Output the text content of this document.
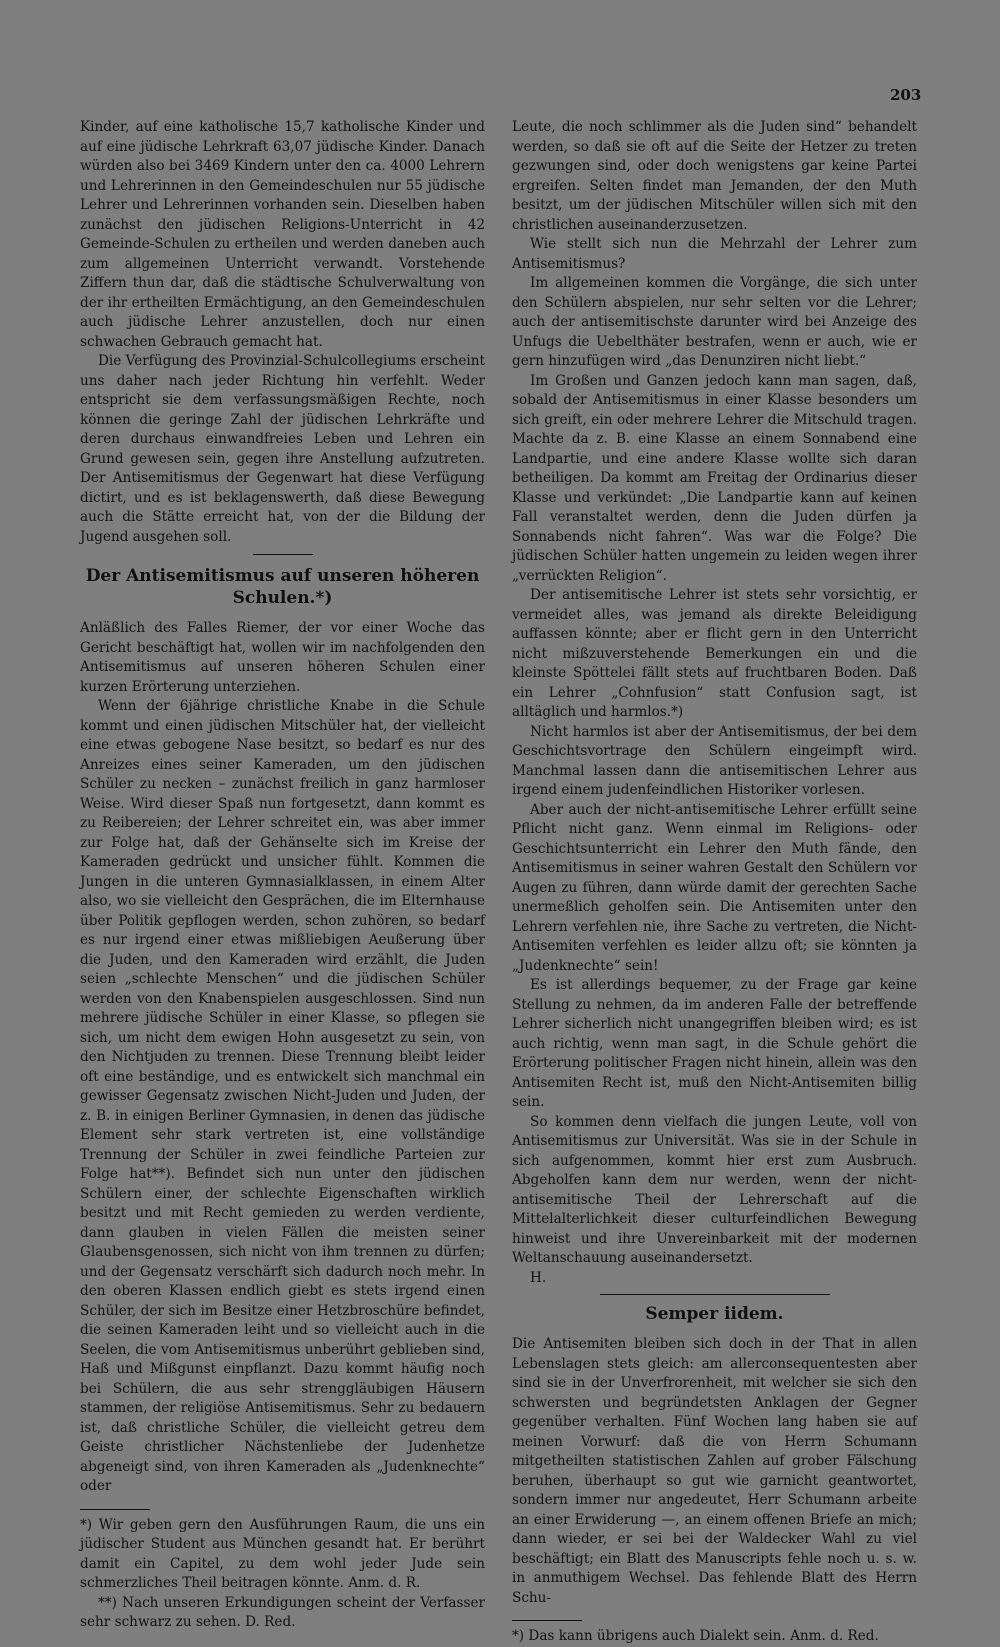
203

Kinder, auf eine katholische 15,7 katholische Kinder und auf eine jüdische Lehrkraft 63,07 jüdische Kinder. Danach würden also bei 3469 Kindern unter den ca. 4000 Lehrern und Lehrerinnen in den Gemeindeschulen nur 55 jüdische Lehrer und Lehrerinnen vorhanden sein. Dieselben haben zunächst den jüdischen Religions-Unterricht in 42 Gemeinde-Schulen zu ertheilen und werden daneben auch zum allgemeinen Unterricht verwandt. Vorstehende Ziffern thun dar, daß die städtische Schulverwaltung von der ihr ertheilten Ermächtigung, an den Gemeindeschulen auch jüdische Lehrer anzustellen, doch nur einen schwachen Gebrauch gemacht hat.

Die Verfügung des Provinzial-Schulcollegiums erscheint uns daher nach jeder Richtung hin verfehlt. Weder entspricht sie dem verfassungsmäßigen Rechte, noch können die geringe Zahl der jüdischen Lehrkräfte und deren durchaus einwandfreies Leben und Lehren ein Grund gewesen sein, gegen ihre Anstellung aufzutreten. Der Antisemitismus der Gegenwart hat diese Verfügung dictirt, und es ist beklagenswerth, daß diese Bewegung auch die Stätte erreicht hat, von der die Bildung der Jugend ausgehen soll.

Der Antisemitismus auf unseren höheren Schulen.*)

Anläßlich des Falles Riemer, der vor einer Woche das Gericht beschäftigt hat, wollen wir im nachfolgenden den Antisemitismus auf unseren höheren Schulen einer kurzen Erörterung unterziehen.

Wenn der 6jährige christliche Knabe in die Schule kommt und einen jüdischen Mitschüler hat, der vielleicht eine etwas gebogene Nase besitzt, so bedarf es nur des Anreizes eines seiner Kameraden, um den jüdischen Schüler zu necken – zunächst freilich in ganz harmloser Weise. Wird dieser Spaß nun fortgesetzt, dann kommt es zu Reibereien; der Lehrer schreitet ein, was aber immer zur Folge hat, daß der Gehänselte sich im Kreise der Kameraden gedrückt und unsicher fühlt. Kommen die Jungen in die unteren Gymnasialklassen, in einem Alter also, wo sie vielleicht den Gesprächen, die im Elternhause über Politik gepflogen werden, schon zuhören, so bedarf es nur irgend einer etwas mißliebigen Aeußerung über die Juden, und den Kameraden wird erzählt, die Juden seien „schlechte Menschen“ und die jüdischen Schüler werden von den Knabenspielen ausgeschlossen. Sind nun mehrere jüdische Schüler in einer Klasse, so pflegen sie sich, um nicht dem ewigen Hohn ausgesetzt zu sein, von den Nichtjuden zu trennen. Diese Trennung bleibt leider oft eine beständige, und es entwickelt sich manchmal ein gewisser Gegensatz zwischen Nicht-Juden und Juden, der z. B. in einigen Berliner Gymnasien, in denen das jüdische Element sehr stark vertreten ist, eine vollständige Trennung der Schüler in zwei feindliche Parteien zur Folge hat**). Befindet sich nun unter den jüdischen Schülern einer, der schlechte Eigenschaften wirklich besitzt und mit Recht gemieden zu werden verdiente, dann glauben in vielen Fällen die meisten seiner Glaubensgenossen, sich nicht von ihm trennen zu dürfen; und der Gegensatz verschärft sich dadurch noch mehr. In den oberen Klassen endlich giebt es stets irgend einen Schüler, der sich im Besitze einer Hetzbroschüre befindet, die seinen Kameraden leiht und so vielleicht auch in die Seelen, die vom Antisemitismus unberührt geblieben sind, Haß und Mißgunst einpflanzt. Dazu kommt häufig noch bei Schülern, die aus sehr strenggläubigen Häusern stammen, der religiöse Antisemitismus. Sehr zu bedauern ist, daß christliche Schüler, die vielleicht getreu dem Geiste christlicher Nächstenliebe der Judenhetze abgeneigt sind, von ihren Kameraden als „Judenknechte“ oder

*) Wir geben gern den Ausführungen Raum, die uns ein jüdischer Student aus München gesandt hat. Er berührt damit ein Capitel, zu dem wohl jeder Jude sein schmerzliches Theil beitragen könnte. Anm. d. R.

**) Nach unseren Erkundigungen scheint der Verfasser sehr schwarz zu sehen. D. Red.

Leute, die noch schlimmer als die Juden sind“ behandelt werden, so daß sie oft auf die Seite der Hetzer zu treten gezwungen sind, oder doch wenigstens gar keine Partei ergreifen. Selten findet man Jemanden, der den Muth besitzt, um der jüdischen Mitschüler willen sich mit den christlichen auseinanderzusetzen.

Wie stellt sich nun die Mehrzahl der Lehrer zum Antisemitismus?

Im allgemeinen kommen die Vorgänge, die sich unter den Schülern abspielen, nur sehr selten vor die Lehrer; auch der antisemitischste darunter wird bei Anzeige des Unfugs die Uebelthäter bestrafen, wenn er auch, wie er gern hinzufügen wird „das Denunziren nicht liebt.“

Im Großen und Ganzen jedoch kann man sagen, daß, sobald der Antisemitismus in einer Klasse besonders um sich greift, ein oder mehrere Lehrer die Mitschuld tragen. Machte da z. B. eine Klasse an einem Sonnabend eine Landpartie, und eine andere Klasse wollte sich daran betheiligen. Da kommt am Freitag der Ordinarius dieser Klasse und verkündet: „Die Landpartie kann auf keinen Fall veranstaltet werden, denn die Juden dürfen ja Sonnabends nicht fahren“. Was war die Folge? Die jüdischen Schüler hatten ungemein zu leiden wegen ihrer „verrückten Religion“.

Der antisemitische Lehrer ist stets sehr vorsichtig, er vermeidet alles, was jemand als direkte Beleidigung auffassen könnte; aber er flicht gern in den Unterricht nicht mißzuverstehende Bemerkungen ein und die kleinste Spöttelei fällt stets auf fruchtbaren Boden. Daß ein Lehrer „Cohnfusion“ statt Confusion sagt, ist alltäglich und harmlos.*)

Nicht harmlos ist aber der Antisemitismus, der bei dem Geschichtsvortrage den Schülern eingeimpft wird. Manchmal lassen dann die antisemitischen Lehrer aus irgend einem judenfeindlichen Historiker vorlesen.

Aber auch der nicht-antisemitische Lehrer erfüllt seine Pflicht nicht ganz. Wenn einmal im Religions- oder Geschichtsunterricht ein Lehrer den Muth fände, den Antisemitismus in seiner wahren Gestalt den Schülern vor Augen zu führen, dann würde damit der gerechten Sache unermeßlich geholfen sein. Die Antisemiten unter den Lehrern verfehlen nie, ihre Sache zu vertreten, die Nicht-Antisemiten verfehlen es leider allzu oft; sie könnten ja „Judenknechte“ sein!

Es ist allerdings bequemer, zu der Frage gar keine Stellung zu nehmen, da im anderen Falle der betreffende Lehrer sicherlich nicht unangegriffen bleiben wird; es ist auch richtig, wenn man sagt, in die Schule gehört die Erörterung politischer Fragen nicht hinein, allein was den Antisemiten Recht ist, muß den Nicht-Antisemiten billig sein.

So kommen denn vielfach die jungen Leute, voll von Antisemitismus zur Universität. Was sie in der Schule in sich aufgenommen, kommt hier erst zum Ausbruch. Abgeholfen kann dem nur werden, wenn der nicht-antisemitische Theil der Lehrerschaft auf die Mittelalterlichkeit dieser culturfeindlichen Bewegung hinweist und ihre Unvereinbarkeit mit der modernen Weltanschauung auseinandersetzt.

H.

Semper iidem.

Die Antisemiten bleiben sich doch in der That in allen Lebenslagen stets gleich: am allerconsequentesten aber sind sie in der Unverfrorenheit, mit welcher sie sich den schwersten und begründetsten Anklagen der Gegner gegenüber verhalten. Fünf Wochen lang haben sie auf meinen Vorwurf: daß die von Herrn Schumann mitgetheilten statistischen Zahlen auf grober Fälschung beruhen, überhaupt so gut wie garnicht geantwortet, sondern immer nur angedeutet, Herr Schumann arbeite an einer Erwiderung —, an einem offenen Briefe an mich; dann wieder, er sei bei der Waldecker Wahl zu viel beschäftigt; ein Blatt des Manuscripts fehle noch u. s. w. in anmuthigem Wechsel. Das fehlende Blatt des Herrn Schu-

*) Das kann übrigens auch Dialekt sein. Anm. d. Red.
